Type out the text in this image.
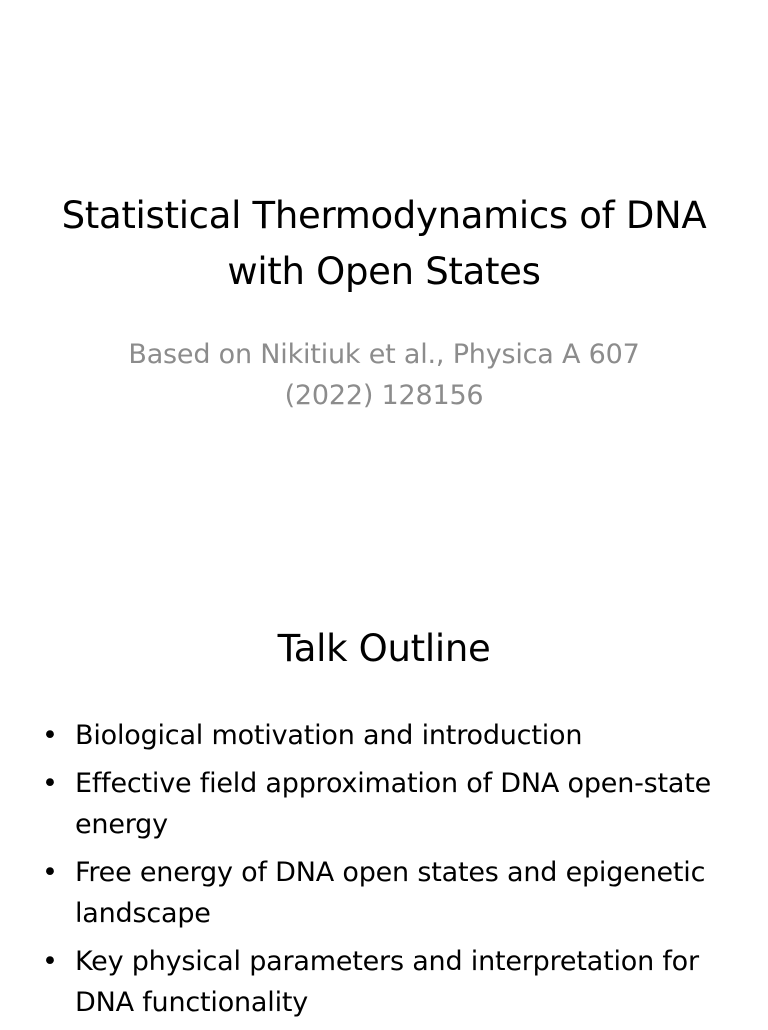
Statistical Thermodynamics of DNA with Open States

Based on Nikitiuk et al., Physica A 607 (2022) 128156

Talk Outline
• Biological motivation and introduction
• Effective field approximation of DNA open-state energy
• Free energy of DNA open states and epigenetic landscape
• Key physical parameters and interpretation for DNA functionality
